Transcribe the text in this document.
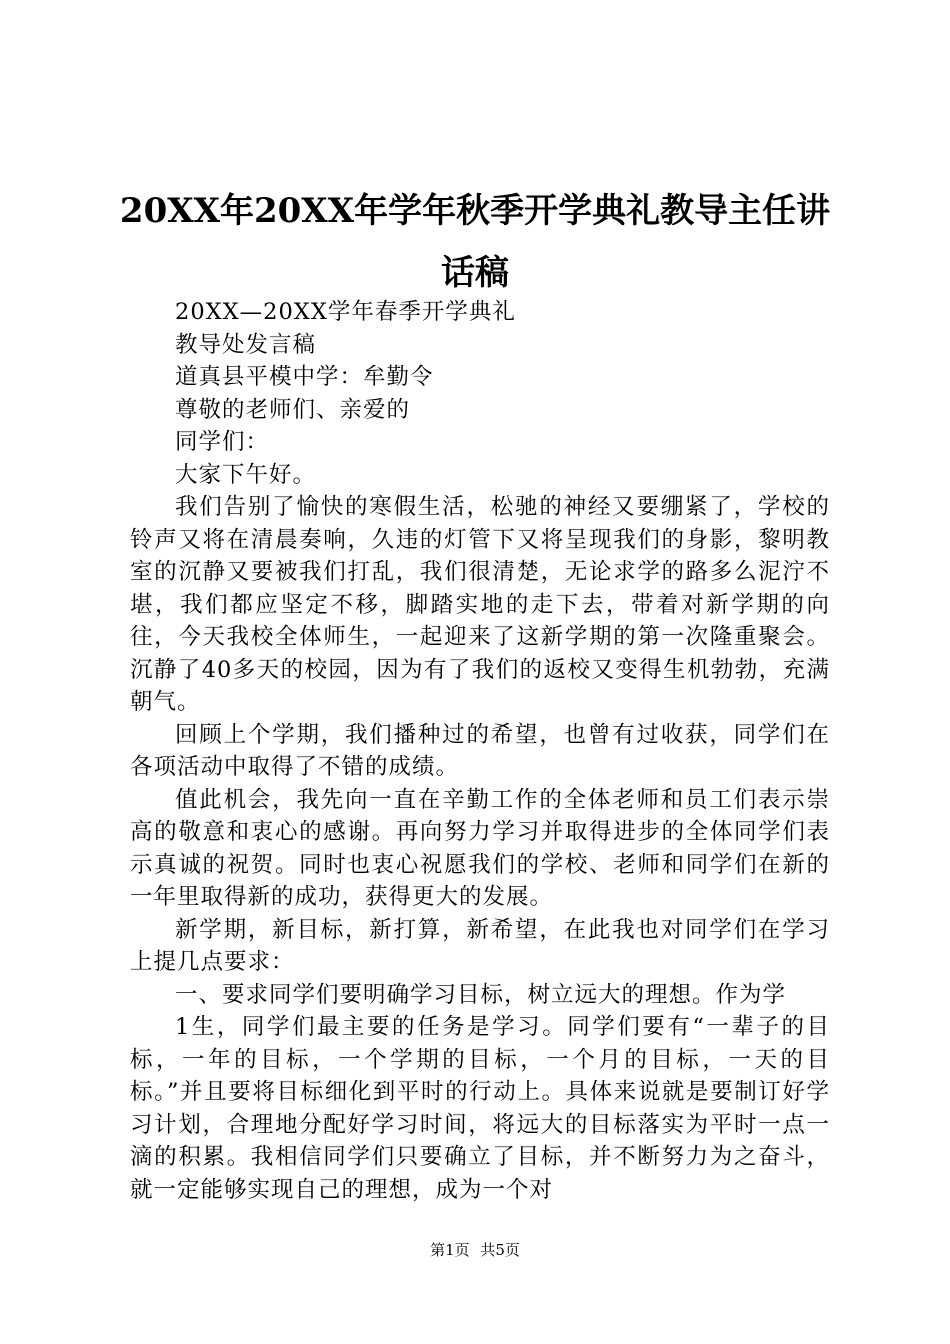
20XX年20XX年学年秋季开学典礼教导主任讲
话稿

20XX—20XX学年春季开学典礼

教导处发言稿

道真县平模中学：牟勤令

尊敬的老师们、亲爱的

同学们：

大家下午好。

我们告别了愉快的寒假生活，松驰的神经又要绷紧了，学校的铃声又将在清晨奏响，久违的灯管下又将呈现我们的身影，黎明教室的沉静又要被我们打乱，我们很清楚，无论求学的路多么泥泞不堪，我们都应坚定不移，脚踏实地的走下去，带着对新学期的向往，今天我校全体师生，一起迎来了这新学期的第一次隆重聚会。沉静了40多天的校园，因为有了我们的返校又变得生机勃勃，充满朝气。

回顾上个学期，我们播种过的希望，也曾有过收获，同学们在各项活动中取得了不错的成绩。

值此机会，我先向一直在辛勤工作的全体老师和员工们表示崇高的敬意和衷心的感谢。再向努力学习并取得进步的全体同学们表示真诚的祝贺。同时也衷心祝愿我们的学校、老师和同学们在新的一年里取得新的成功，获得更大的发展。

新学期，新目标，新打算，新希望，在此我也对同学们在学习上提几点要求：

一、要求同学们要明确学习目标，树立远大的理想。作为学

1生，同学们最主要的任务是学习。同学们要有“一辈子的目标，一年的目标，一个学期的目标，一个月的目标，一天的目标。”并且要将目标细化到平时的行动上。具体来说就是要制订好学习计划，合理地分配好学习时间，将远大的目标落实为平时一点一滴的积累。我相信同学们只要确立了目标，并不断努力为之奋斗，就一定能够实现自己的理想，成为一个对

第1页 共5页
